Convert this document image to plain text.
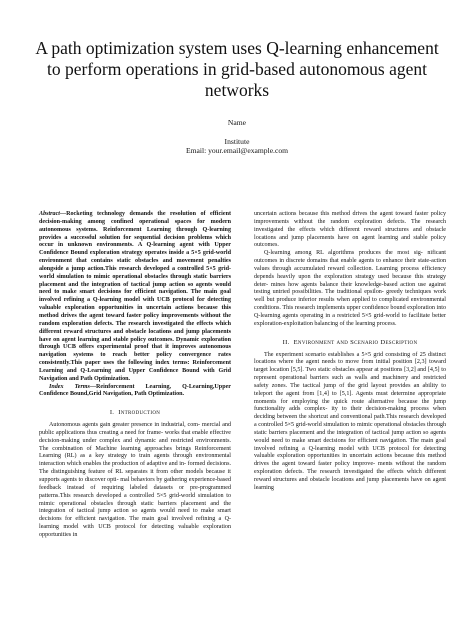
A path optimization system uses Q-learning enhancement to perform operations in grid-based autonomous agent networks
Name
Institute
Email: your.email@example.com

Abstract—Rocketing technology demands the resolution of efficient decision-making among confined operational spaces for modern autonomous systems. Reinforcement Learning through Q-learning provides a successful solution for sequential decision problems which occur in unknown environments. A Q-learning agent with Upper Confidence Bound exploration strategy operates inside a 5×5 grid-world environment that contains static obstacles and movement penalties alongside a jump action.This research developed a controlled 5×5 grid-world simulation to mimic operational obstacles through static barriers placement and the integration of tactical jump action so agents would need to make smart decisions for efficient navigation. The main goal involved refining a Q-learning model with UCB protocol for detecting valuable exploration opportunities in uncertain actions because this method drives the agent toward faster policy improvements without the random exploration defects. The research investigated the effects which different reward structures and obstacle locations and jump placements have on agent learning and stable policy outcomes. Dynamic exploration through UCB offers experimental proof that it improves autonomous navigation systems to reach better policy convergence rates consistently.This paper uses the following index terms: Reinforcement Learning and Q-Learning and Upper Confidence Bound with Grid Navigation and Path Optimization.

Index Terms—Reinforcement Learning, Q-Learning,Upper Confidence Bound,Grid Navigation, Path Optimization.

I. Introduction

Autonomous agents gain greater presence in industrial, com- mercial and public applications thus creating a need for frame- works that enable effective decision-making under complex and dynamic and restricted environments. The combination of Machine learning approaches brings Reinforcement Learning (RL) as a key strategy to train agents through environmental interaction which enables the production of adaptive and in- formed decisions. The distinguishing feature of RL separates it from other models because it supports agents to discover opti- mal behaviors by gathering experience-based feedback instead of requiring labeled datasets or pre-programmed patterns.This research developed a controlled 5×5 grid-world simulation to mimic operational obstacles through static barriers placement and the integration of tactical jump action so agents would need to make smart decisions for efficient navigation. The main goal involved refining a Q-learning model with UCB protocol for detecting valuable exploration opportunities in

uncertain actions because this method drives the agent toward faster policy improvements without the random exploration defects. The research investigated the effects which different reward structures and obstacle locations and jump placements have on agent learning and stable policy outcomes.

Q-learning among RL algorithms produces the most sig- nificant outcomes in discrete domains that enable agents to enhance their state-action values through accumulated reward collection. Learning process efficiency depends heavily upon the exploration strategy used because this strategy deter- mines how agents balance their knowledge-based action use against testing untried possibilities. The traditional epsilon- greedy techniques work well but produce inferior results when applied to complicated environmental conditions. This research implements upper confidence bound exploration into Q-learning agents operating in a restricted 5×5 grid-world to facilitate better exploration-exploitation balancing of the learning process.

II. Environment and Scenario Description

The experiment scenario establishes a 5×5 grid consisting of 25 distinct locations where the agent needs to move from initial position [2,3] toward target location [5,5]. Two static obstacles appear at positions [3,2] and [4,5] to represent operational barriers such as walls and machinery and restricted safety zones. The tactical jump of the grid layout provides an ability to teleport the agent from [1,4] to [5,1]. Agents must determine appropriate moments for employing the quick route alternative because the jump functionality adds complex- ity to their decision-making process when deciding between the shortcut and conventional path.This research developed a controlled 5×5 grid-world simulation to mimic operational obstacles through static barriers placement and the integration of tactical jump action so agents would need to make smart decisions for efficient navigation. The main goal involved refining a Q-learning model with UCB protocol for detecting valuable exploration opportunities in uncertain actions because this method drives the agent toward faster policy improve- ments without the random exploration defects. The research investigated the effects which different reward structures and obstacle locations and jump placements have on agent learning
